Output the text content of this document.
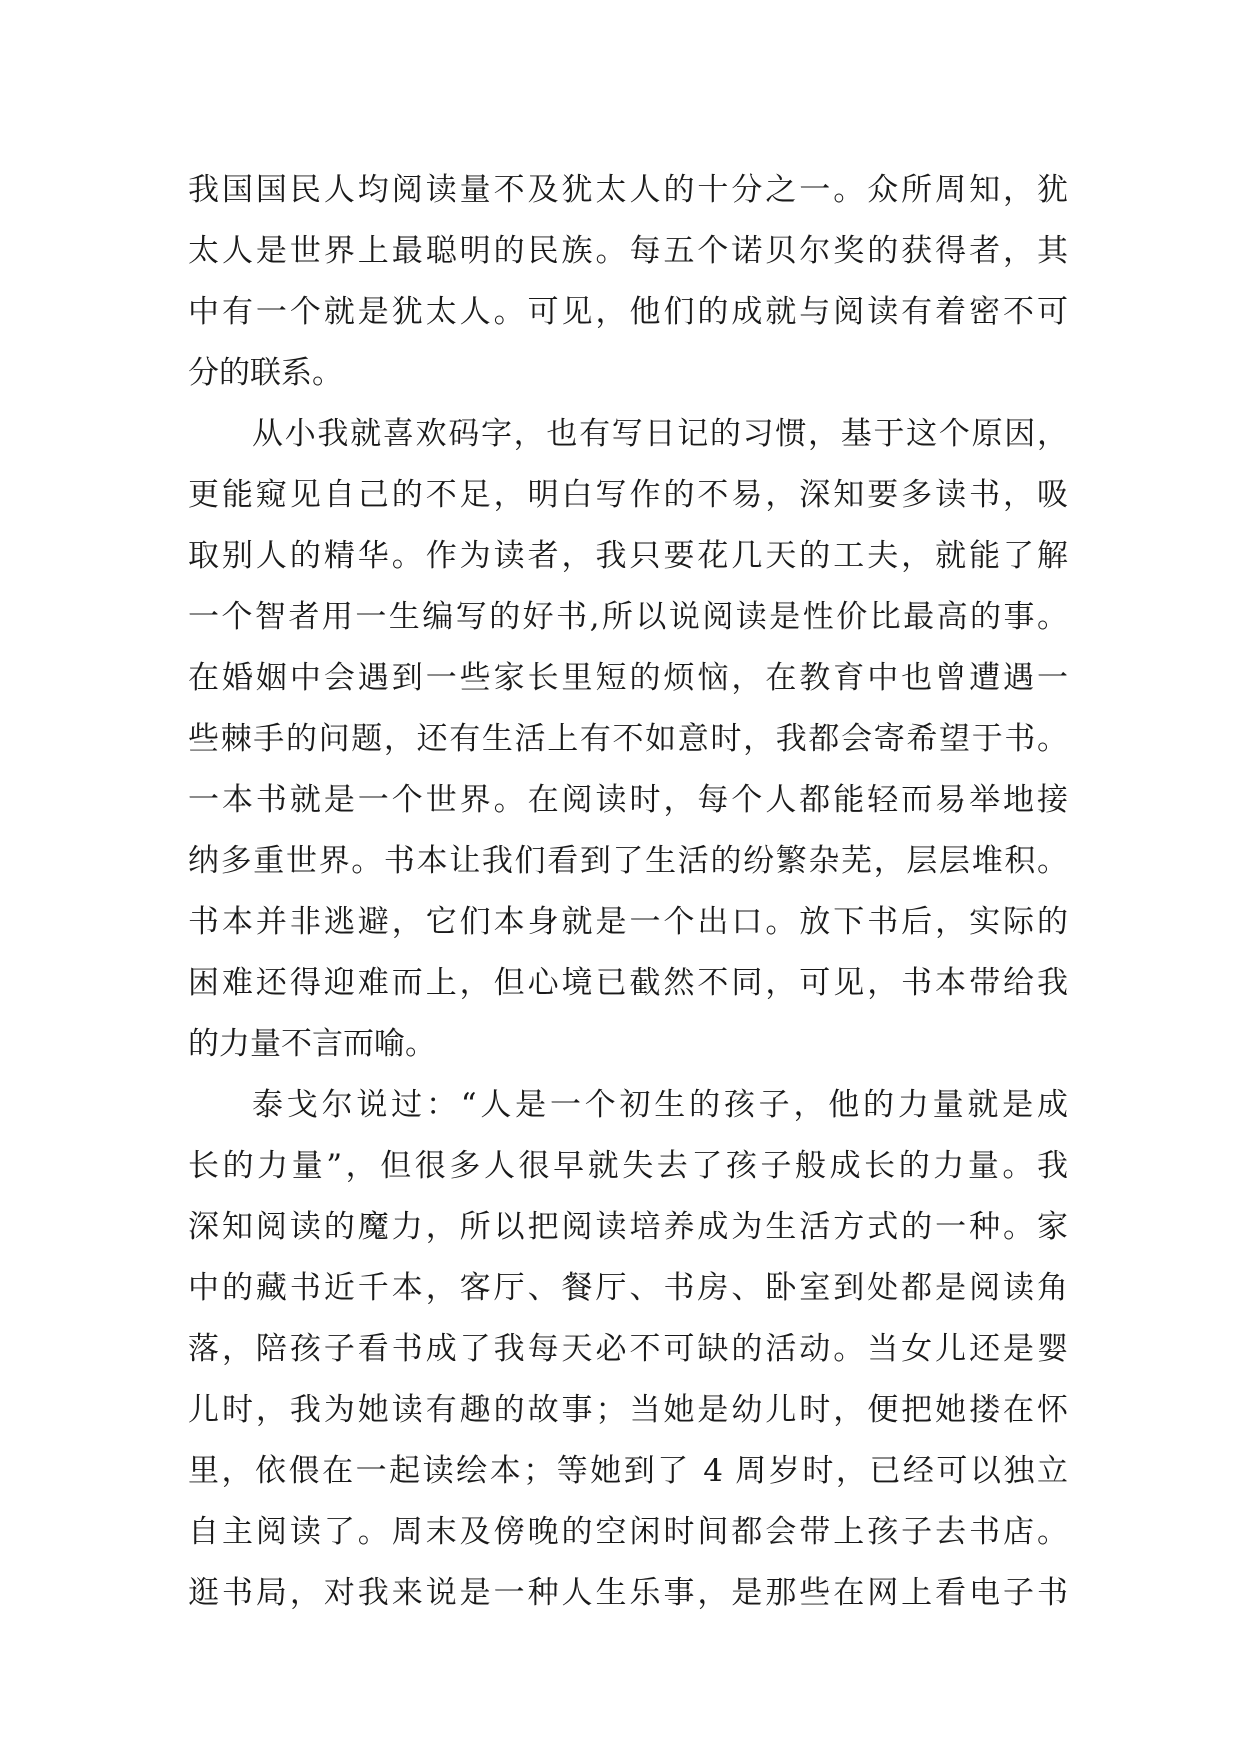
我国国民人均阅读量不及犹太人的十分之一。众所周知，犹
太人是世界上最聪明的民族。每五个诺贝尔奖的获得者，其
中有一个就是犹太人。可见，他们的成就与阅读有着密不可
分的联系。
从小我就喜欢码字，也有写日记的习惯，基于这个原因，
更能窥见自己的不足，明白写作的不易，深知要多读书，吸
取别人的精华。作为读者，我只要花几天的工夫，就能了解
一个智者用一生编写的好书,所以说阅读是性价比最高的事。
在婚姻中会遇到一些家长里短的烦恼，在教育中也曾遭遇一
些棘手的问题，还有生活上有不如意时，我都会寄希望于书。
一本书就是一个世界。在阅读时，每个人都能轻而易举地接
纳多重世界。书本让我们看到了生活的纷繁杂芜，层层堆积。
书本并非逃避，它们本身就是一个出口。放下书后，实际的
困难还得迎难而上，但心境已截然不同，可见，书本带给我
的力量不言而喻。
泰戈尔说过：“人是一个初生的孩子，他的力量就是成
长的力量”，但很多人很早就失去了孩子般成长的力量。我
深知阅读的魔力，所以把阅读培养成为生活方式的一种。家
中的藏书近千本，客厅、餐厅、书房、卧室到处都是阅读角
落，陪孩子看书成了我每天必不可缺的活动。当女儿还是婴
儿时，我为她读有趣的故事；当她是幼儿时，便把她搂在怀
里，依偎在一起读绘本；等她到了 4 周岁时，已经可以独立
自主阅读了。周末及傍晚的空闲时间都会带上孩子去书店。
逛书局，对我来说是一种人生乐事，是那些在网上看电子书
